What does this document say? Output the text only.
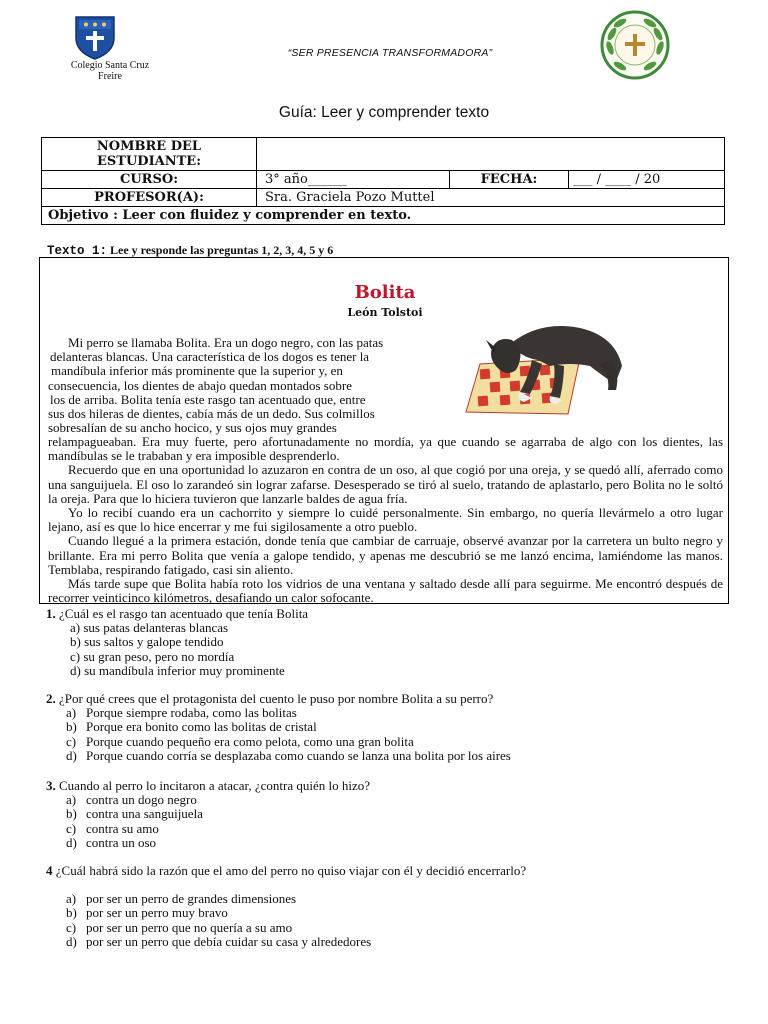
Colegio Santa Cruz
Freire
“SER PRESENCIA TRANSFORMADORA”
Guía: Leer y comprender texto
NOMBRE DEL ESTUDIANTE:			
CURSO:	3° año______	FECHA:	___ / ____ / 20
PROFESOR(A):	Sra. Graciela Pozo Muttel		
Objetivo : Leer con fluidez y comprender en texto.			
Texto 1: Lee y responde las preguntas 1, 2, 3, 4, 5 y 6
Bolita
León Tolstoi
Mi perro se llamaba Bolita. Era un dogo negro, con las patas
delanteras blancas. Una característica de los dogos es tener la
mandíbula inferior más prominente que la superior y, en
consecuencia, los dientes de abajo quedan montados sobre
los de arriba. Bolita tenía este rasgo tan acentuado que, entre
sus dos hileras de dientes, cabía más de un dedo. Sus colmillos
sobresalían de su ancho hocico, y sus ojos muy grandes

relampagueaban. Era muy fuerte, pero afortunadamente no mordía, ya que cuando se agarraba de algo con los dientes, las mandíbulas se le trababan y era imposible desprenderlo.

Recuerdo que en una oportunidad lo azuzaron en contra de un oso, al que cogió por una oreja, y se quedó allí, aferrado como una sanguijuela. El oso lo zarandeó sin lograr zafarse. Desesperado se tiró al suelo, tratando de aplastarlo, pero Bolita no le soltó la oreja. Para que lo hiciera tuvieron que lanzarle baldes de agua fría.

Yo lo recibí cuando era un cachorrito y siempre lo cuidé personalmente. Sin embargo, no quería llevármelo a otro lugar lejano, así es que lo hice encerrar y me fui sigilosamente a otro pueblo.

Cuando llegué a la primera estación, donde tenía que cambiar de carruaje, observé avanzar por la carretera un bulto negro y brillante. Era mi perro Bolita que venía a galope tendido, y apenas me descubrió se me lanzó encima, lamiéndome las manos. Temblaba, respirando fatigado, casi sin aliento.

Más tarde supe que Bolita había roto los vidrios de una ventana y saltado desde allí para seguirme. Me encontró después de recorrer veinticinco kilómetros, desafiando un calor sofocante.

1. ¿Cuál es el rasgo tan acentuado que tenía Bolita
a) sus patas delanteras blancas
b) sus saltos y galope tendido
c) su gran peso, pero no mordía
d) su mandíbula inferior muy prominente
2. ¿Por qué crees que el protagonista del cuento le puso por nombre Bolita a su perro?
a) Porque siempre rodaba, como las bolitas
b) Porque era bonito como las bolitas de cristal
c) Porque cuando pequeño era como pelota, como una gran bolita
d) Porque cuando corría se desplazaba como cuando se lanza una bolita por los aires
3. Cuando al perro lo incitaron a atacar, ¿contra quién lo hizo?
a) contra un dogo negro
b) contra una sanguijuela
c) contra su amo
d) contra un oso
4 ¿Cuál habrá sido la razón que el amo del perro no quiso viajar con él y decidió encerrarlo?
a) por ser un perro de grandes dimensiones
b) por ser un perro muy bravo
c) por ser un perro que no quería a su amo
d) por ser un perro que debía cuidar su casa y alrededores
